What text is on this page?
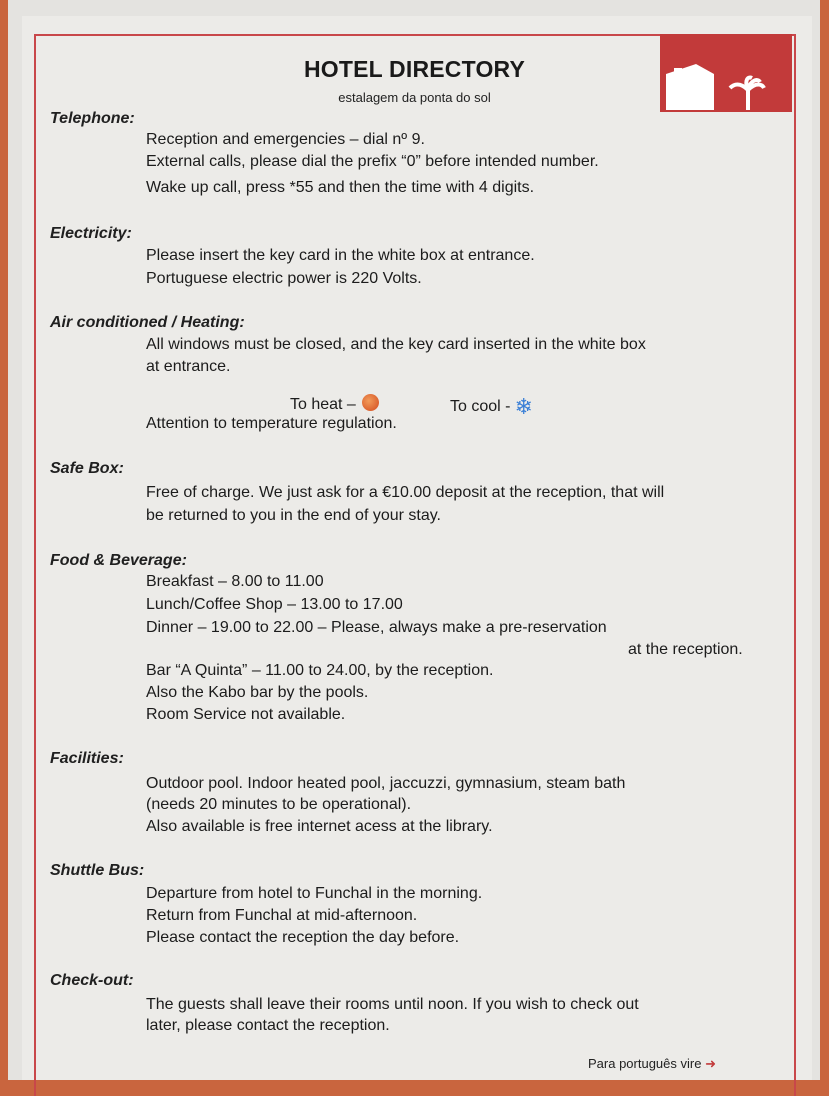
HOTEL DIRECTORY
estalagem da ponta do sol
Telephone:
Reception and emergencies – dial nº 9.
External calls, please dial the prefix “0” before intended number.
Wake up call, press *55 and then the time with 4 digits.
Electricity:
Please insert the key card in the white box at entrance.
Portuguese electric power is 220 Volts.
Air conditioned / Heating:
All windows must be closed, and the key card inserted in the white box
at entrance.
To heat –	To cool - ❄
Attention to temperature regulation.
Safe Box:
Free of charge. We just ask for a €10.00 deposit at the reception, that will
be returned to you in the end of your stay.
Food & Beverage:
Breakfast – 8.00 to 11.00
Lunch/Coffee Shop – 13.00 to 17.00
Dinner – 19.00 to 22.00 – Please, always make a pre-reservation
at the reception.
Bar “A Quinta” – 11.00 to 24.00, by the reception.
Also the Kabo bar by the pools.
Room Service not available.
Facilities:
Outdoor pool. Indoor heated pool, jaccuzzi, gymnasium, steam bath
(needs 20 minutes to be operational).
Also available is free internet acess at the library.
Shuttle Bus:
Departure from hotel to Funchal in the morning.
Return from Funchal at mid-afternoon.
Please contact the reception the day before.
Check-out:
The guests shall leave their rooms until noon. If you wish to check out
later, please contact the reception.
Para português vire ➜
